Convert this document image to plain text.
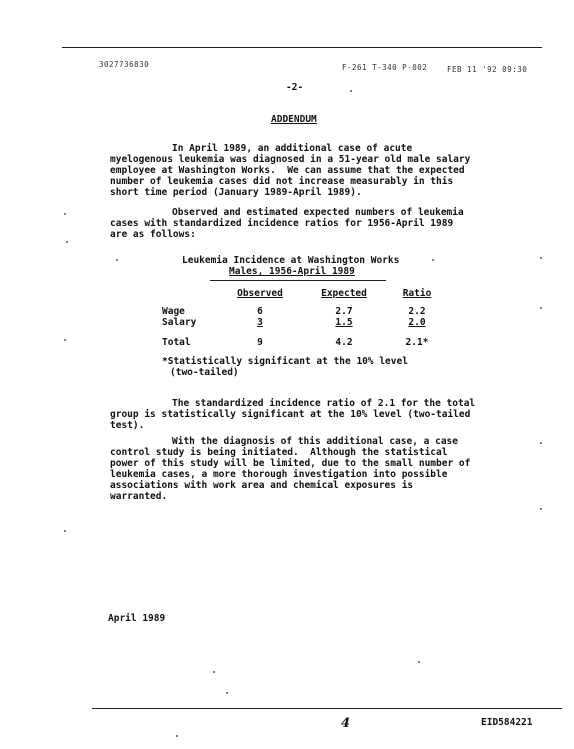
3027736830	F-261 T-340 P-002	FEB 11 '92 09:30
-2-
ADDENDUM
In April 1989, an additional case of acute
myelogenous leukemia was diagnosed in a 51-year old male salary
employee at Washington Works.  We can assume that the expected
number of leukemia cases did not increase measurably in this
short time period (January 1989-April 1989).
Observed and estimated expected numbers of leukemia
cases with standardized incidence ratios for 1956-April 1989
are as follows:
Leukemia Incidence at Washington Works
Males, 1956-April 1989
Observed	Expected	Ratio
Wage	6	2.7	2.2
Salary	3	1.5	2.0
Total	9	4.2	2.1*
*Statistically significant at the 10% level
(two-tailed)
The standardized incidence ratio of 2.1 for the total
group is statistically significant at the 10% level (two-tailed
test).
With the diagnosis of this additional case, a case
control study is being initiated.  Although the statistical
power of this study will be limited, due to the small number of
leukemia cases, a more thorough investigation into possible
associations with work area and chemical exposures is
warranted.
April 1989
4	EID584221
